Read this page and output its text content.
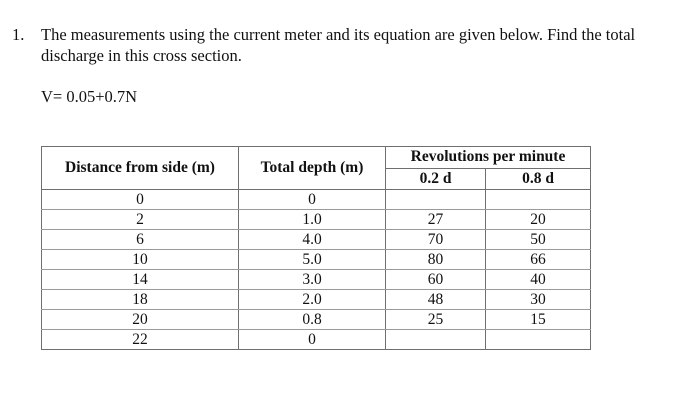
1. The measurements using the current meter and its equation are given below. Find the total discharge in this cross section.
V= 0.05+0.7N
Distance from side (m)	Total depth (m)	Revolutions per minute	
		0.2 d	0.8 d
0	0		
2	1.0	27	20
6	4.0	70	50
10	5.0	80	66
14	3.0	60	40
18	2.0	48	30
20	0.8	25	15
22	0		
